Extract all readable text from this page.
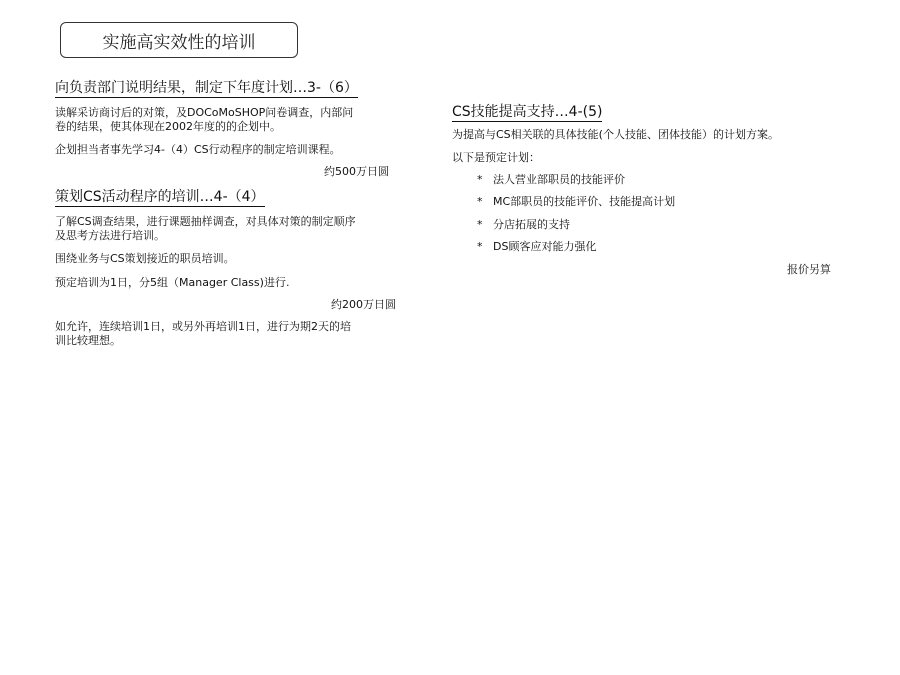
实施高实效性的培训
向负责部门说明结果，制定下年度计划…3-（6）
读解采访商讨后的对策，及DOCoMoSHOP问卷调查，内部问
卷的结果，使其体现在2002年度的的企划中。
企划担当者事先学习4-（4）CS行动程序的制定培训课程。
约500万日圆
策划CS活动程序的培训…4-（4）
了解CS调查结果，进行课题抽样调查，对具体对策的制定顺序
及思考方法进行培训。
围绕业务与CS策划接近的职员培训。
预定培训为1日，分5组（Manager Class)进行.
约200万日圆
如允许，连续培训1日，或另外再培训1日，进行为期2天的培
训比较理想。
CS技能提高支持…4-(5)
为提高与CS相关联的具体技能(个人技能、团体技能）的计划方案。
以下是预定计划：
* 法人营业部职员的技能评价
* MC部职员的技能评价、技能提高计划
* 分店拓展的支持
* DS顾客应对能力强化
报价另算
